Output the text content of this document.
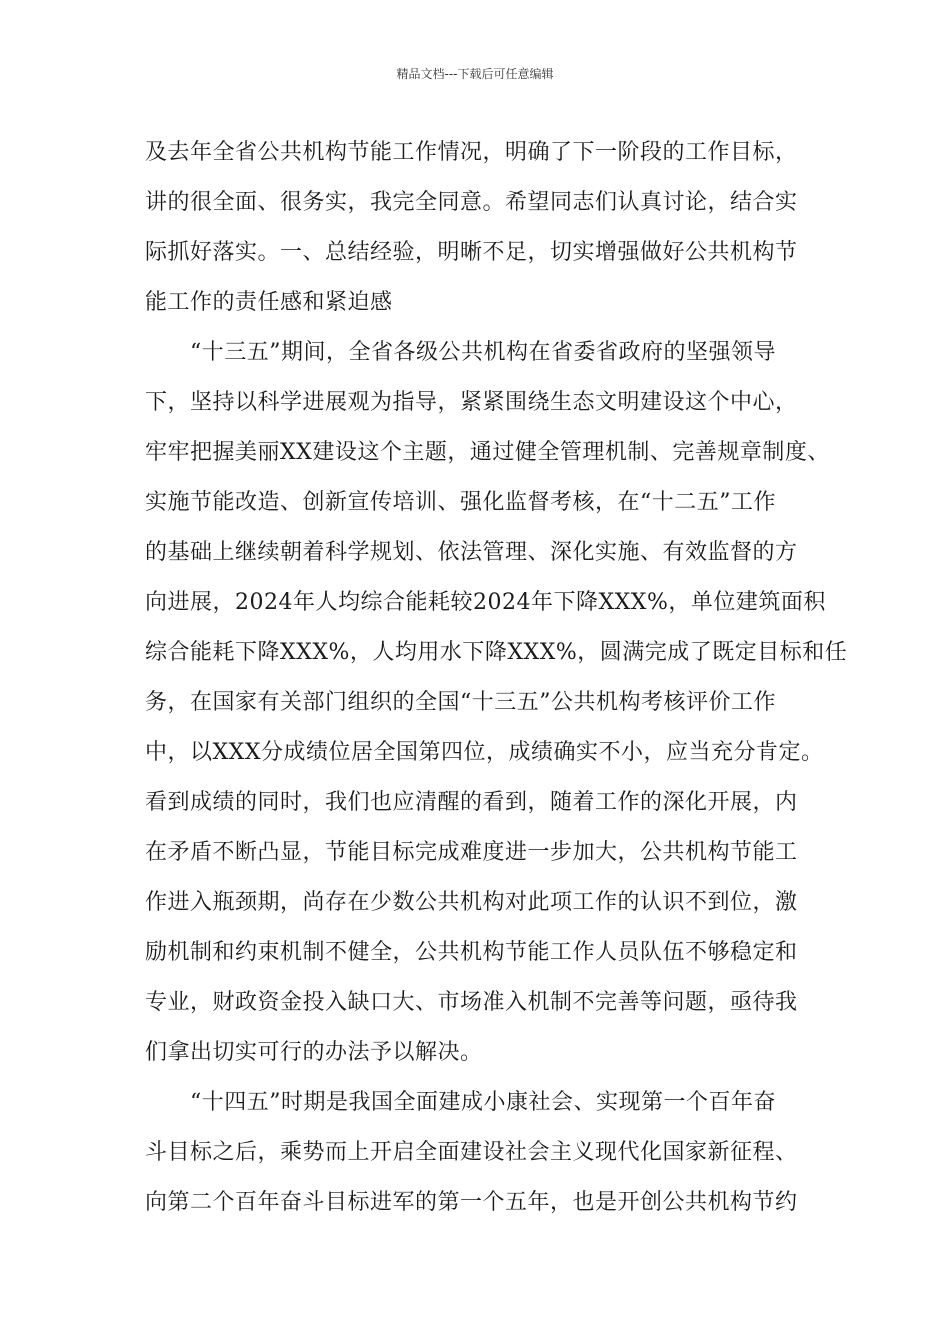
精品文档---下载后可任意编辑
及去年全省公共机构节能工作情况，明确了下一阶段的工作目标，
讲的很全面、很务实，我完全同意。希望同志们认真讨论，结合实
际抓好落实。一、总结经验，明晰不足，切实增强做好公共机构节
能工作的责任感和紧迫感
　　“十三五”期间，全省各级公共机构在省委省政府的坚强领导
下，坚持以科学进展观为指导，紧紧围绕生态文明建设这个中心，
牢牢把握美丽XX建设这个主题，通过健全管理机制、完善规章制度、
实施节能改造、创新宣传培训、强化监督考核，在“十二五”工作
的基础上继续朝着科学规划、依法管理、深化实施、有效监督的方
向进展，2024年人均综合能耗较2024年下降XXX%，单位建筑面积
综合能耗下降XXX%，人均用水下降XXX%，圆满完成了既定目标和任
务，在国家有关部门组织的全国“十三五”公共机构考核评价工作
中，以XXX分成绩位居全国第四位，成绩确实不小，应当充分肯定。
看到成绩的同时，我们也应清醒的看到，随着工作的深化开展，内
在矛盾不断凸显，节能目标完成难度进一步加大，公共机构节能工
作进入瓶颈期，尚存在少数公共机构对此项工作的认识不到位，激
励机制和约束机制不健全，公共机构节能工作人员队伍不够稳定和
专业，财政资金投入缺口大、市场准入机制不完善等问题，亟待我
们拿出切实可行的办法予以解决。
　　“十四五”时期是我国全面建成小康社会、实现第一个百年奋
斗目标之后，乘势而上开启全面建设社会主义现代化国家新征程、
向第二个百年奋斗目标进军的第一个五年，也是开创公共机构节约
